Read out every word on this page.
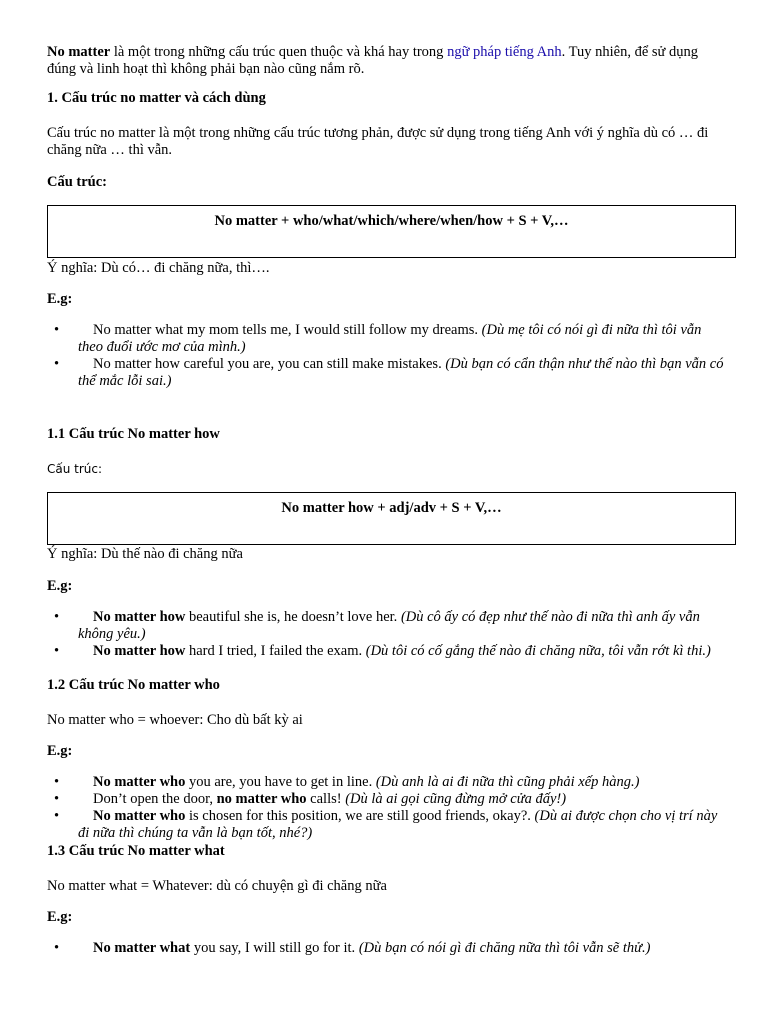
No matter là một trong những cấu trúc quen thuộc và khá hay trong ngữ pháp tiếng Anh. Tuy nhiên, để sử dụng đúng và linh hoạt thì không phải bạn nào cũng nắm rõ.

1. Cấu trúc no matter và cách dùng

Cấu trúc no matter là một trong những cấu trúc tương phản, được sử dụng trong tiếng Anh với ý nghĩa dù có … đi chăng nữa … thì vẫn.

Cấu trúc:

No matter + who/what/which/where/when/how + S + V,…

Ý nghĩa: Dù có… đi chăng nữa, thì….

E.g:

• No matter what my mom tells me, I would still follow my dreams. (Dù mẹ tôi có nói gì đi nữa thì tôi vẫn theo đuổi ước mơ của mình.)
• No matter how careful you are, you can still make mistakes. (Dù bạn có cẩn thận như thế nào thì bạn vẫn có thể mắc lỗi sai.)

1.1 Cấu trúc No matter how

Cấu trúc:

No matter how + adj/adv + S + V,…

Ý nghĩa: Dù thế nào đi chăng nữa

E.g:

• No matter how beautiful she is, he doesn’t love her. (Dù cô ấy có đẹp như thế nào đi nữa thì anh ấy vẫn không yêu.)
• No matter how hard I tried, I failed the exam. (Dù tôi có cố gắng thế nào đi chăng nữa, tôi vẫn rớt kì thi.)

1.2 Cấu trúc No matter who

No matter who = whoever: Cho dù bất kỳ ai

E.g:

• No matter who you are, you have to get in line. (Dù anh là ai đi nữa thì cũng phải xếp hàng.)
• Don’t open the door, no matter who calls! (Dù là ai gọi cũng đừng mở cửa đấy!)
• No matter who is chosen for this position, we are still good friends, okay?. (Dù ai được chọn cho vị trí này đi nữa thì chúng ta vẫn là bạn tốt, nhé?)

1.3 Cấu trúc No matter what

No matter what = Whatever: dù có chuyện gì đi chăng nữa

E.g:

• No matter what you say, I will still go for it. (Dù bạn có nói gì đi chăng nữa thì tôi vẫn sẽ thử.)
